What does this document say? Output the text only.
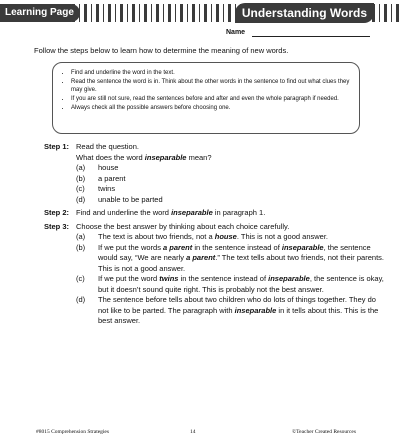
Learning Page	Understanding Words
Name
Follow the steps below to learn how to determine the meaning of new words.
• Find and underline the word in the text.
• Read the sentence the word is in. Think about the other words in the sentence to find out what clues they may give.
• If you are still not sure, read the sentences before and after and even the whole paragraph if needed.
• Always check all the possible answers before choosing one.
Step 1: Read the question.
What does the word inseparable mean?
(a) house
(b) a parent
(c) twins
(d) unable to be parted
Step 2: Find and underline the word inseparable in paragraph 1.
Step 3: Choose the best answer by thinking about each choice carefully.
(a) The text is about two friends, not a house. This is not a good answer.
(b) If we put the words a parent in the sentence instead of inseparable, the sentence would say, “We are nearly a parent.” The text tells about two friends, not their parents. This is not a good answer.
(c) If we put the word twins in the sentence instead of inseparable, the sentence is okay, but it doesn’t sound quite right. This is probably not the best answer.
(d) The sentence before tells about two children who do lots of things together. They do not like to be parted. The paragraph with inseparable in it tells about this. This is the best answer.
#8015 Comprehension Strategies	14	©Teacher Created Resources
